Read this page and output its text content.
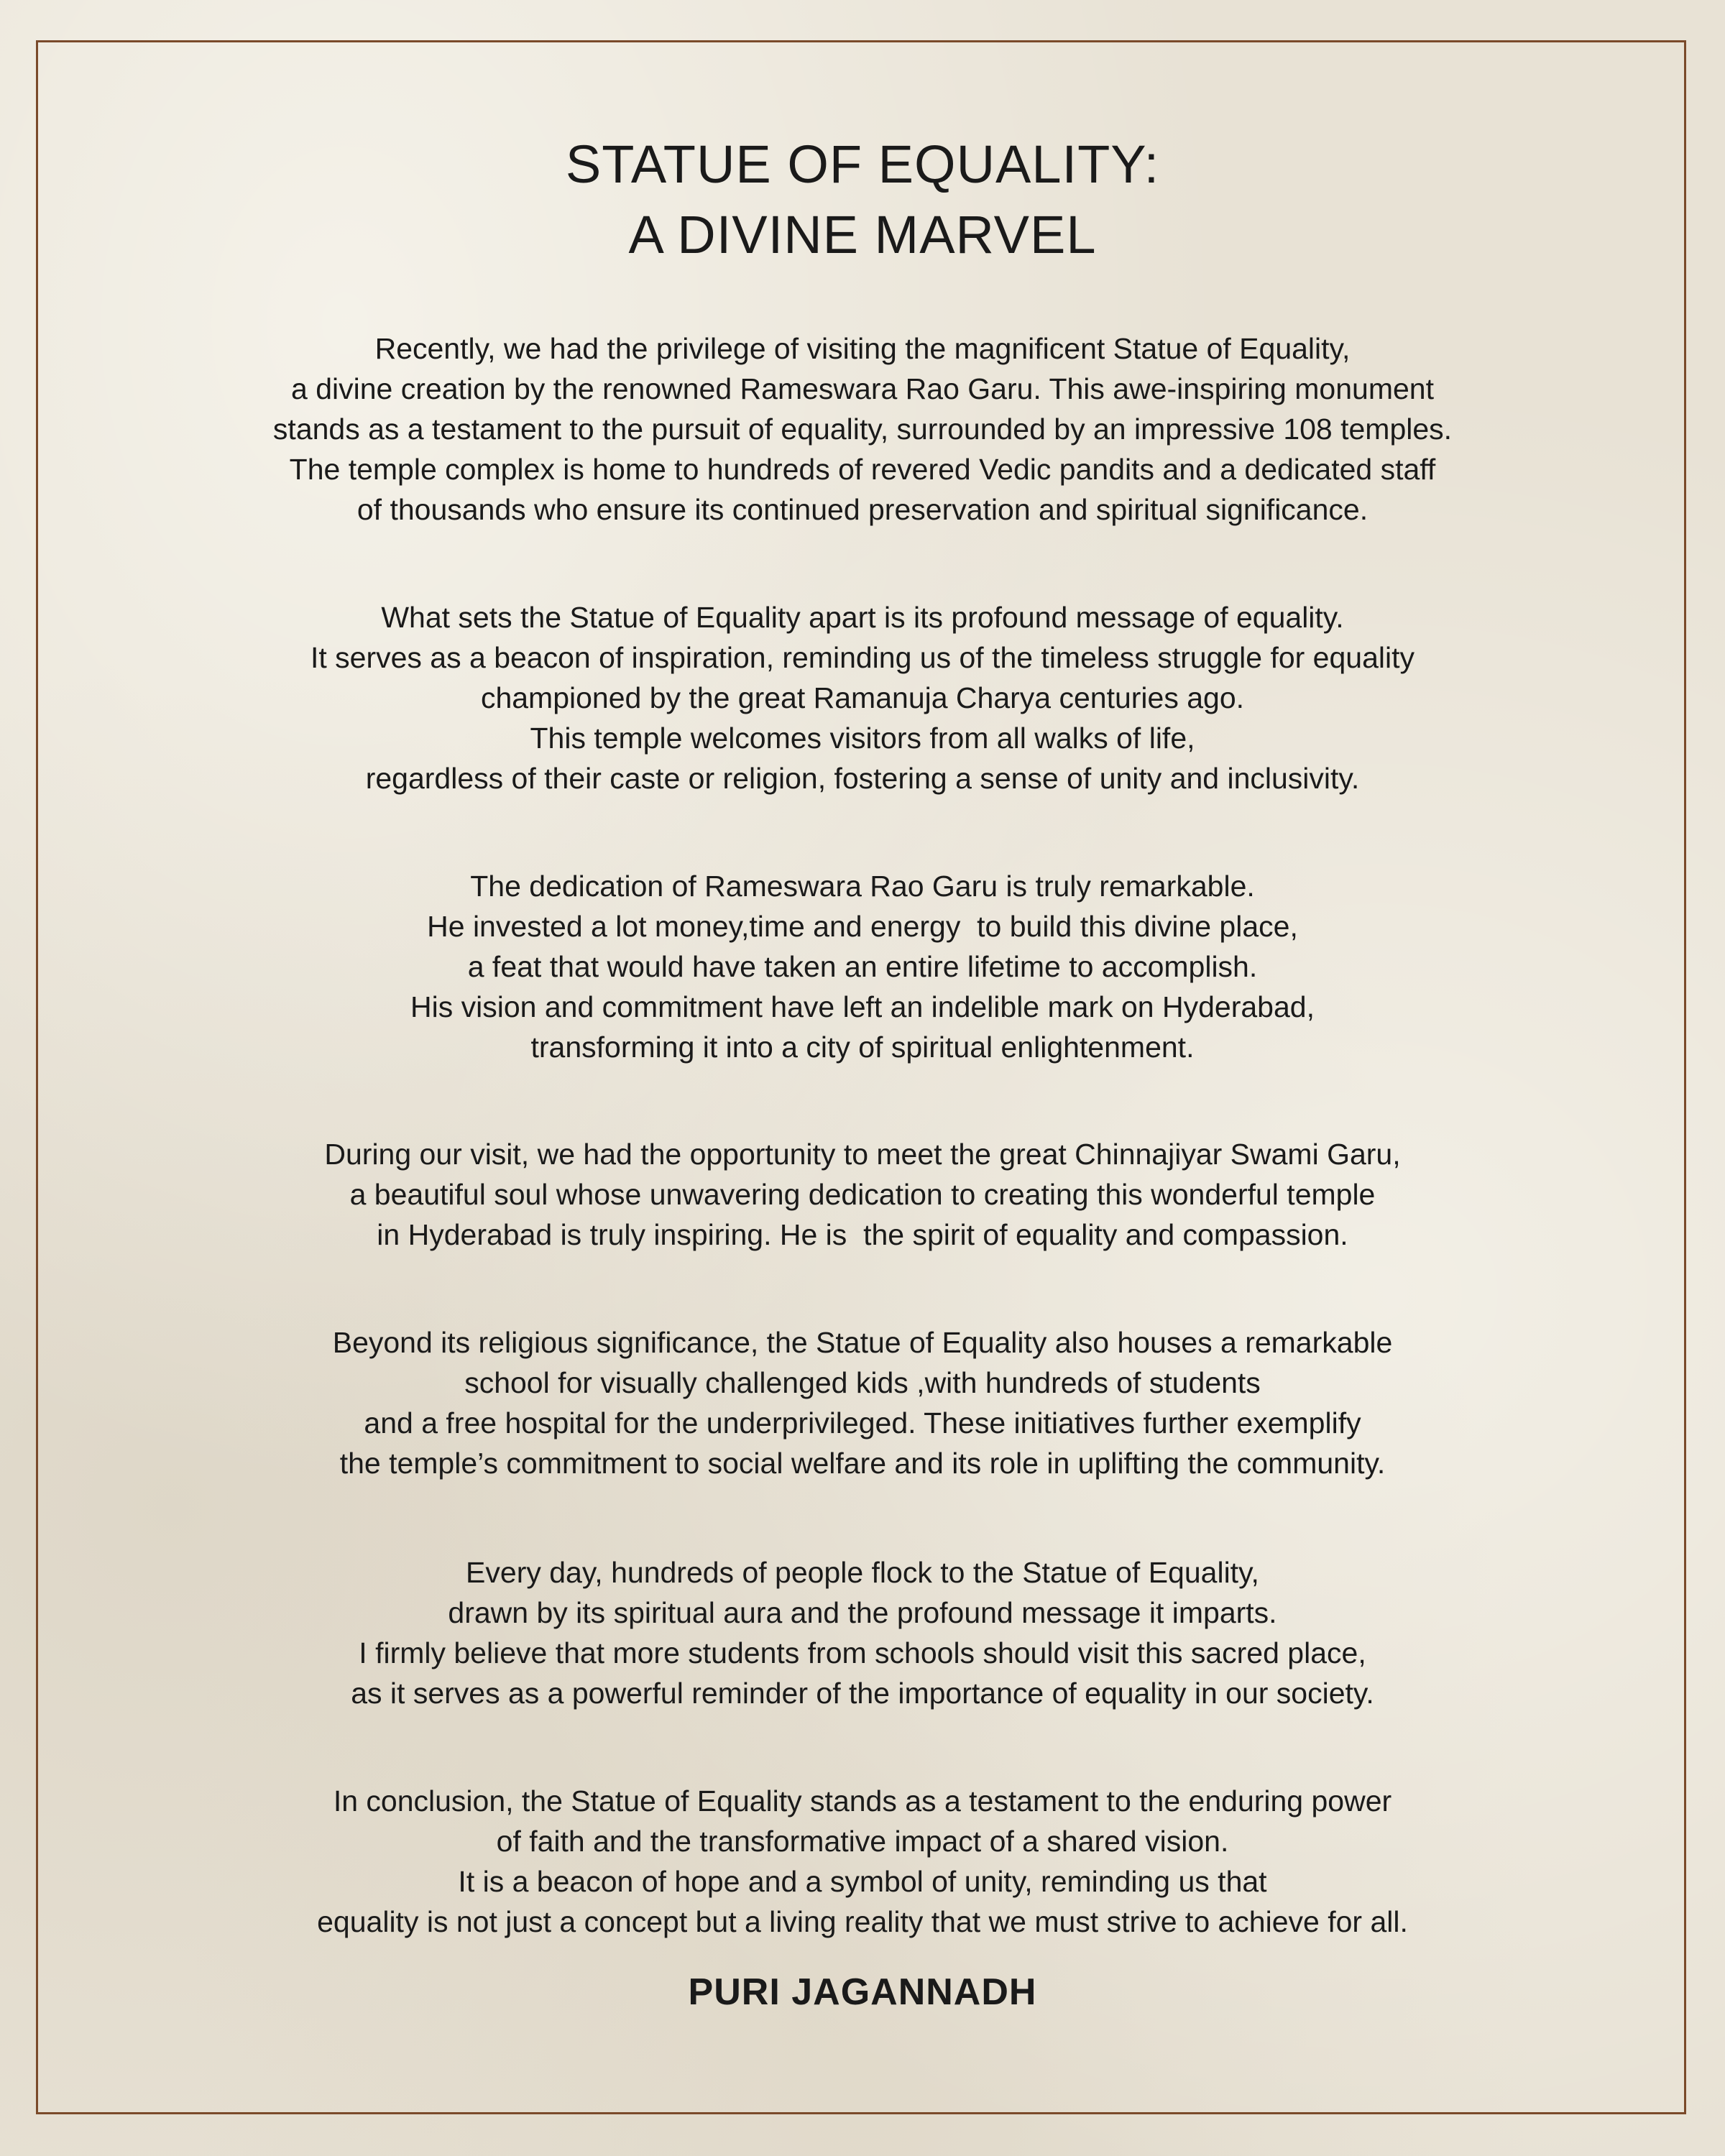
STATUE OF EQUALITY:
A DIVINE MARVEL
Recently, we had the privilege of visiting the magnificent Statue of Equality,
a divine creation by the renowned Rameswara Rao Garu. This awe-inspiring monument
stands as a testament to the pursuit of equality, surrounded by an impressive 108 temples.
The temple complex is home to hundreds of revered Vedic pandits and a dedicated staff
of thousands who ensure its continued preservation and spiritual significance.
What sets the Statue of Equality apart is its profound message of equality.
It serves as a beacon of inspiration, reminding us of the timeless struggle for equality
championed by the great Ramanuja Charya centuries ago.
This temple welcomes visitors from all walks of life,
regardless of their caste or religion, fostering a sense of unity and inclusivity.
The dedication of Rameswara Rao Garu is truly remarkable.
He invested a lot money,time and energy  to build this divine place,
a feat that would have taken an entire lifetime to accomplish.
His vision and commitment have left an indelible mark on Hyderabad,
transforming it into a city of spiritual enlightenment.
During our visit, we had the opportunity to meet the great Chinnajiyar Swami Garu,
a beautiful soul whose unwavering dedication to creating this wonderful temple
in Hyderabad is truly inspiring. He is  the spirit of equality and compassion.
Beyond its religious significance, the Statue of Equality also houses a remarkable
school for visually challenged kids ,with hundreds of students
and a free hospital for the underprivileged. These initiatives further exemplify
the temple’s commitment to social welfare and its role in uplifting the community.
Every day, hundreds of people flock to the Statue of Equality,
drawn by its spiritual aura and the profound message it imparts.
I firmly believe that more students from schools should visit this sacred place,
as it serves as a powerful reminder of the importance of equality in our society.
In conclusion, the Statue of Equality stands as a testament to the enduring power
of faith and the transformative impact of a shared vision.
It is a beacon of hope and a symbol of unity, reminding us that
equality is not just a concept but a living reality that we must strive to achieve for all.

PURI JAGANNADH
